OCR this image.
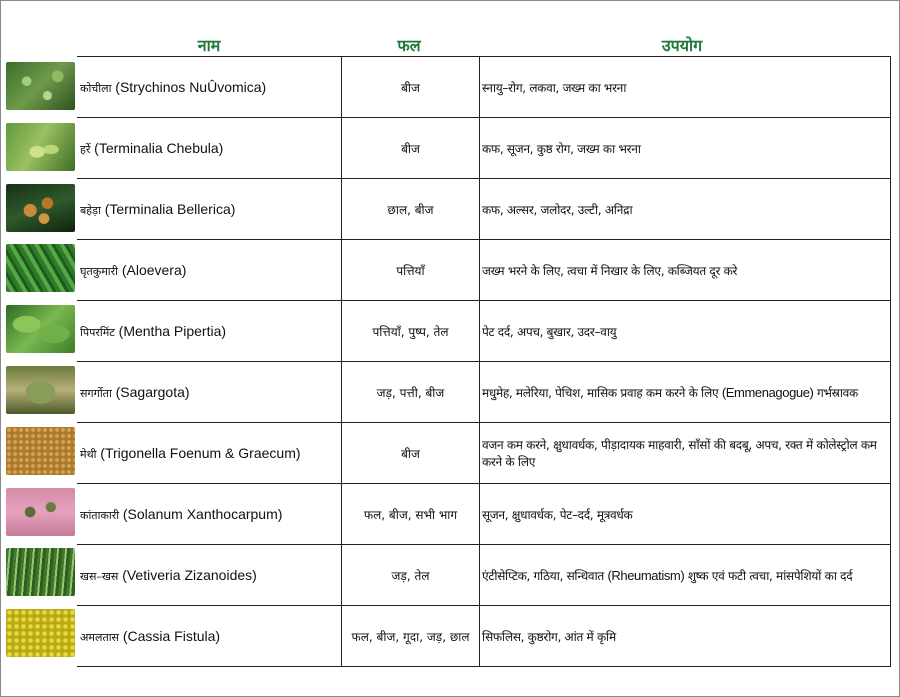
नाम	फल	उपयोग
कोचीला (Strychinos NuÛvomica)	बीज	स्नायु–रोग, लकवा, जख्म का भरना
हर्रे (Terminalia Chebula)	बीज	कफ, सूजन, कुष्ठ रोग, जख्म का भरना
बहेड़ा (Terminalia Bellerica)	छाल, बीज	कफ, अल्सर, जलोदर, उल्टी, अनिद्रा
घृतकुमारी (Aloevera)	पत्तियाँ	जख्म भरने के लिए, त्वचा में निखार के लिए, कब्जियत दूर करे
पिपरमिंट (Mentha Pipertia)	पत्तियाँ, पुष्प, तेल	पेट दर्द, अपच, बुखार, उदर–वायु
सगर्गोता (Sagargota)	जड़, पत्ती, बीज	मधुमेह, मलेरिया, पेचिश, मासिक प्रवाह कम करने के लिए (Emmenagogue) गर्भस्रावक
मेथी (Trigonella Foenum & Graecum)	बीज	वजन कम करने, क्षुधावर्धक, पीड़ादायक माहवारी, साँसों की बदबू, अपच, रक्त में कोलेस्ट्रोल कम करने के लिए
कांताकारी (Solanum Xanthocarpum)	फल, बीज, सभी भाग	सूजन, क्षुधावर्धक, पेट–दर्द, मूत्रवर्धक
खस–खस (Vetiveria Zizanoides)	जड़, तेल	एंटीसेप्टिक, गठिया, सन्धिवात (Rheumatism) शुष्क एवं फटी त्वचा, मांसपेशियों का दर्द
अमलतास (Cassia Fistula)	फल, बीज, गूदा, जड़, छाल	सिफलिस, कुष्ठरोग, आंत में कृमि
